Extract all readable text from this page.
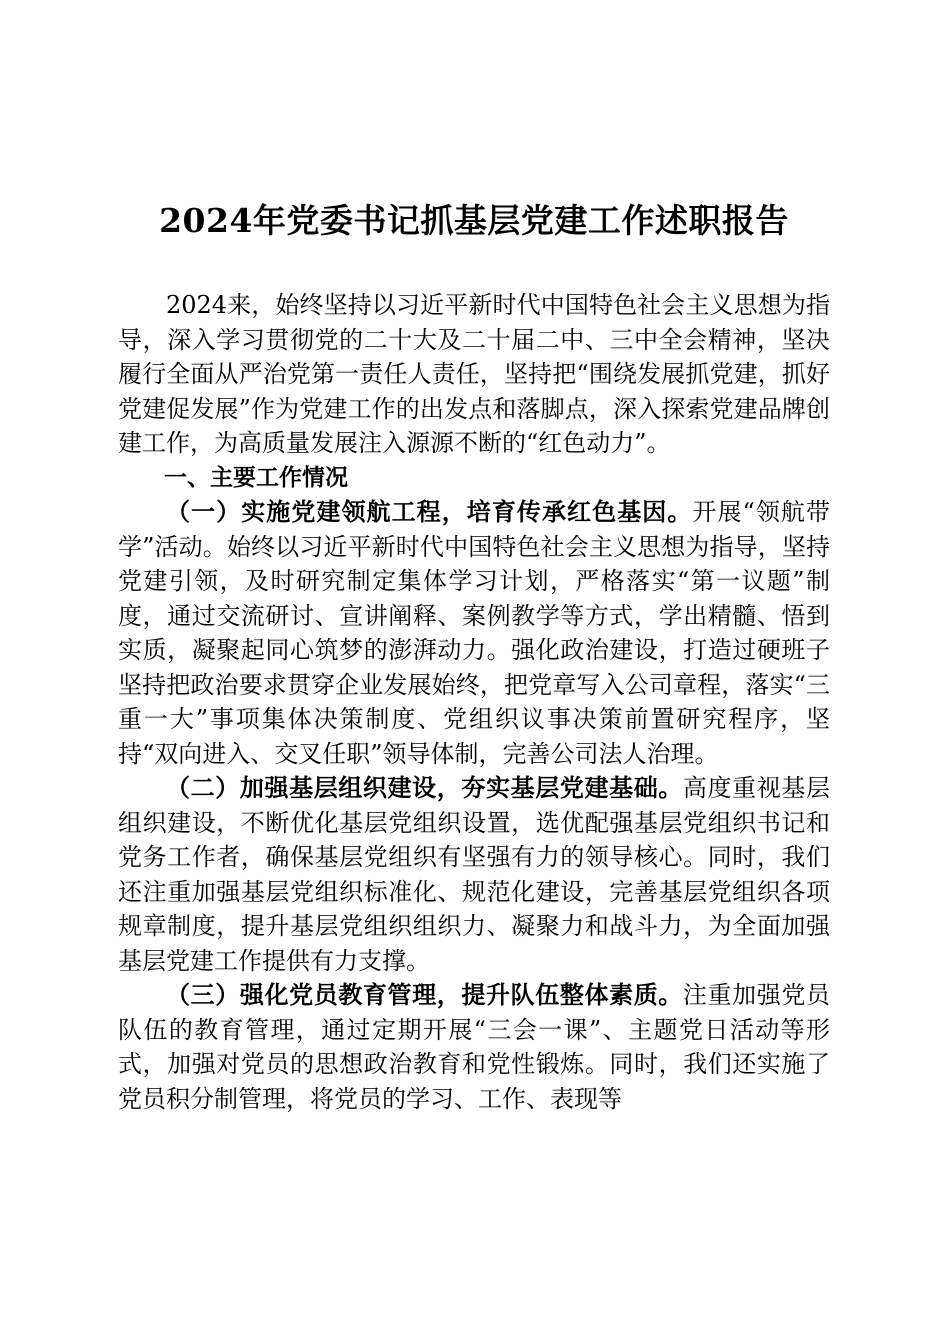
2024年党委书记抓基层党建工作述职报告

2024来，始终坚持以习近平新时代中国特色社会主义思想为指导，深入学习贯彻党的二十大及二十届二中、三中全会精神，坚决履行全面从严治党第一责任人责任，坚持把“围绕发展抓党建，抓好党建促发展”作为党建工作的出发点和落脚点，深入探索党建品牌创建工作，为高质量发展注入源源不断的“红色动力”。

一、主要工作情况

（一）实施党建领航工程，培育传承红色基因。开展“领航带学”活动。始终以习近平新时代中国特色社会主义思想为指导，坚持党建引领，及时研究制定集体学习计划，严格落实“第一议题”制度，通过交流研讨、宣讲阐释、案例教学等方式，学出精髓、悟到实质，凝聚起同心筑梦的澎湃动力。强化政治建设，打造过硬班子坚持把政治要求贯穿企业发展始终，把党章写入公司章程，落实“三重一大”事项集体决策制度、党组织议事决策前置研究程序，坚持“双向进入、交叉任职”领导体制，完善公司法人治理。

（二）加强基层组织建设，夯实基层党建基础。高度重视基层组织建设，不断优化基层党组织设置，选优配强基层党组织书记和党务工作者，确保基层党组织有坚强有力的领导核心。同时，我们还注重加强基层党组织标准化、规范化建设，完善基层党组织各项规章制度，提升基层党组织组织力、凝聚力和战斗力，为全面加强基层党建工作提供有力支撑。

（三）强化党员教育管理，提升队伍整体素质。注重加强党员队伍的教育管理，通过定期开展“三会一课”、主题党日活动等形式，加强对党员的思想政治教育和党性锻炼。同时，我们还实施了党员积分制管理，将党员的学习、工作、表现等
